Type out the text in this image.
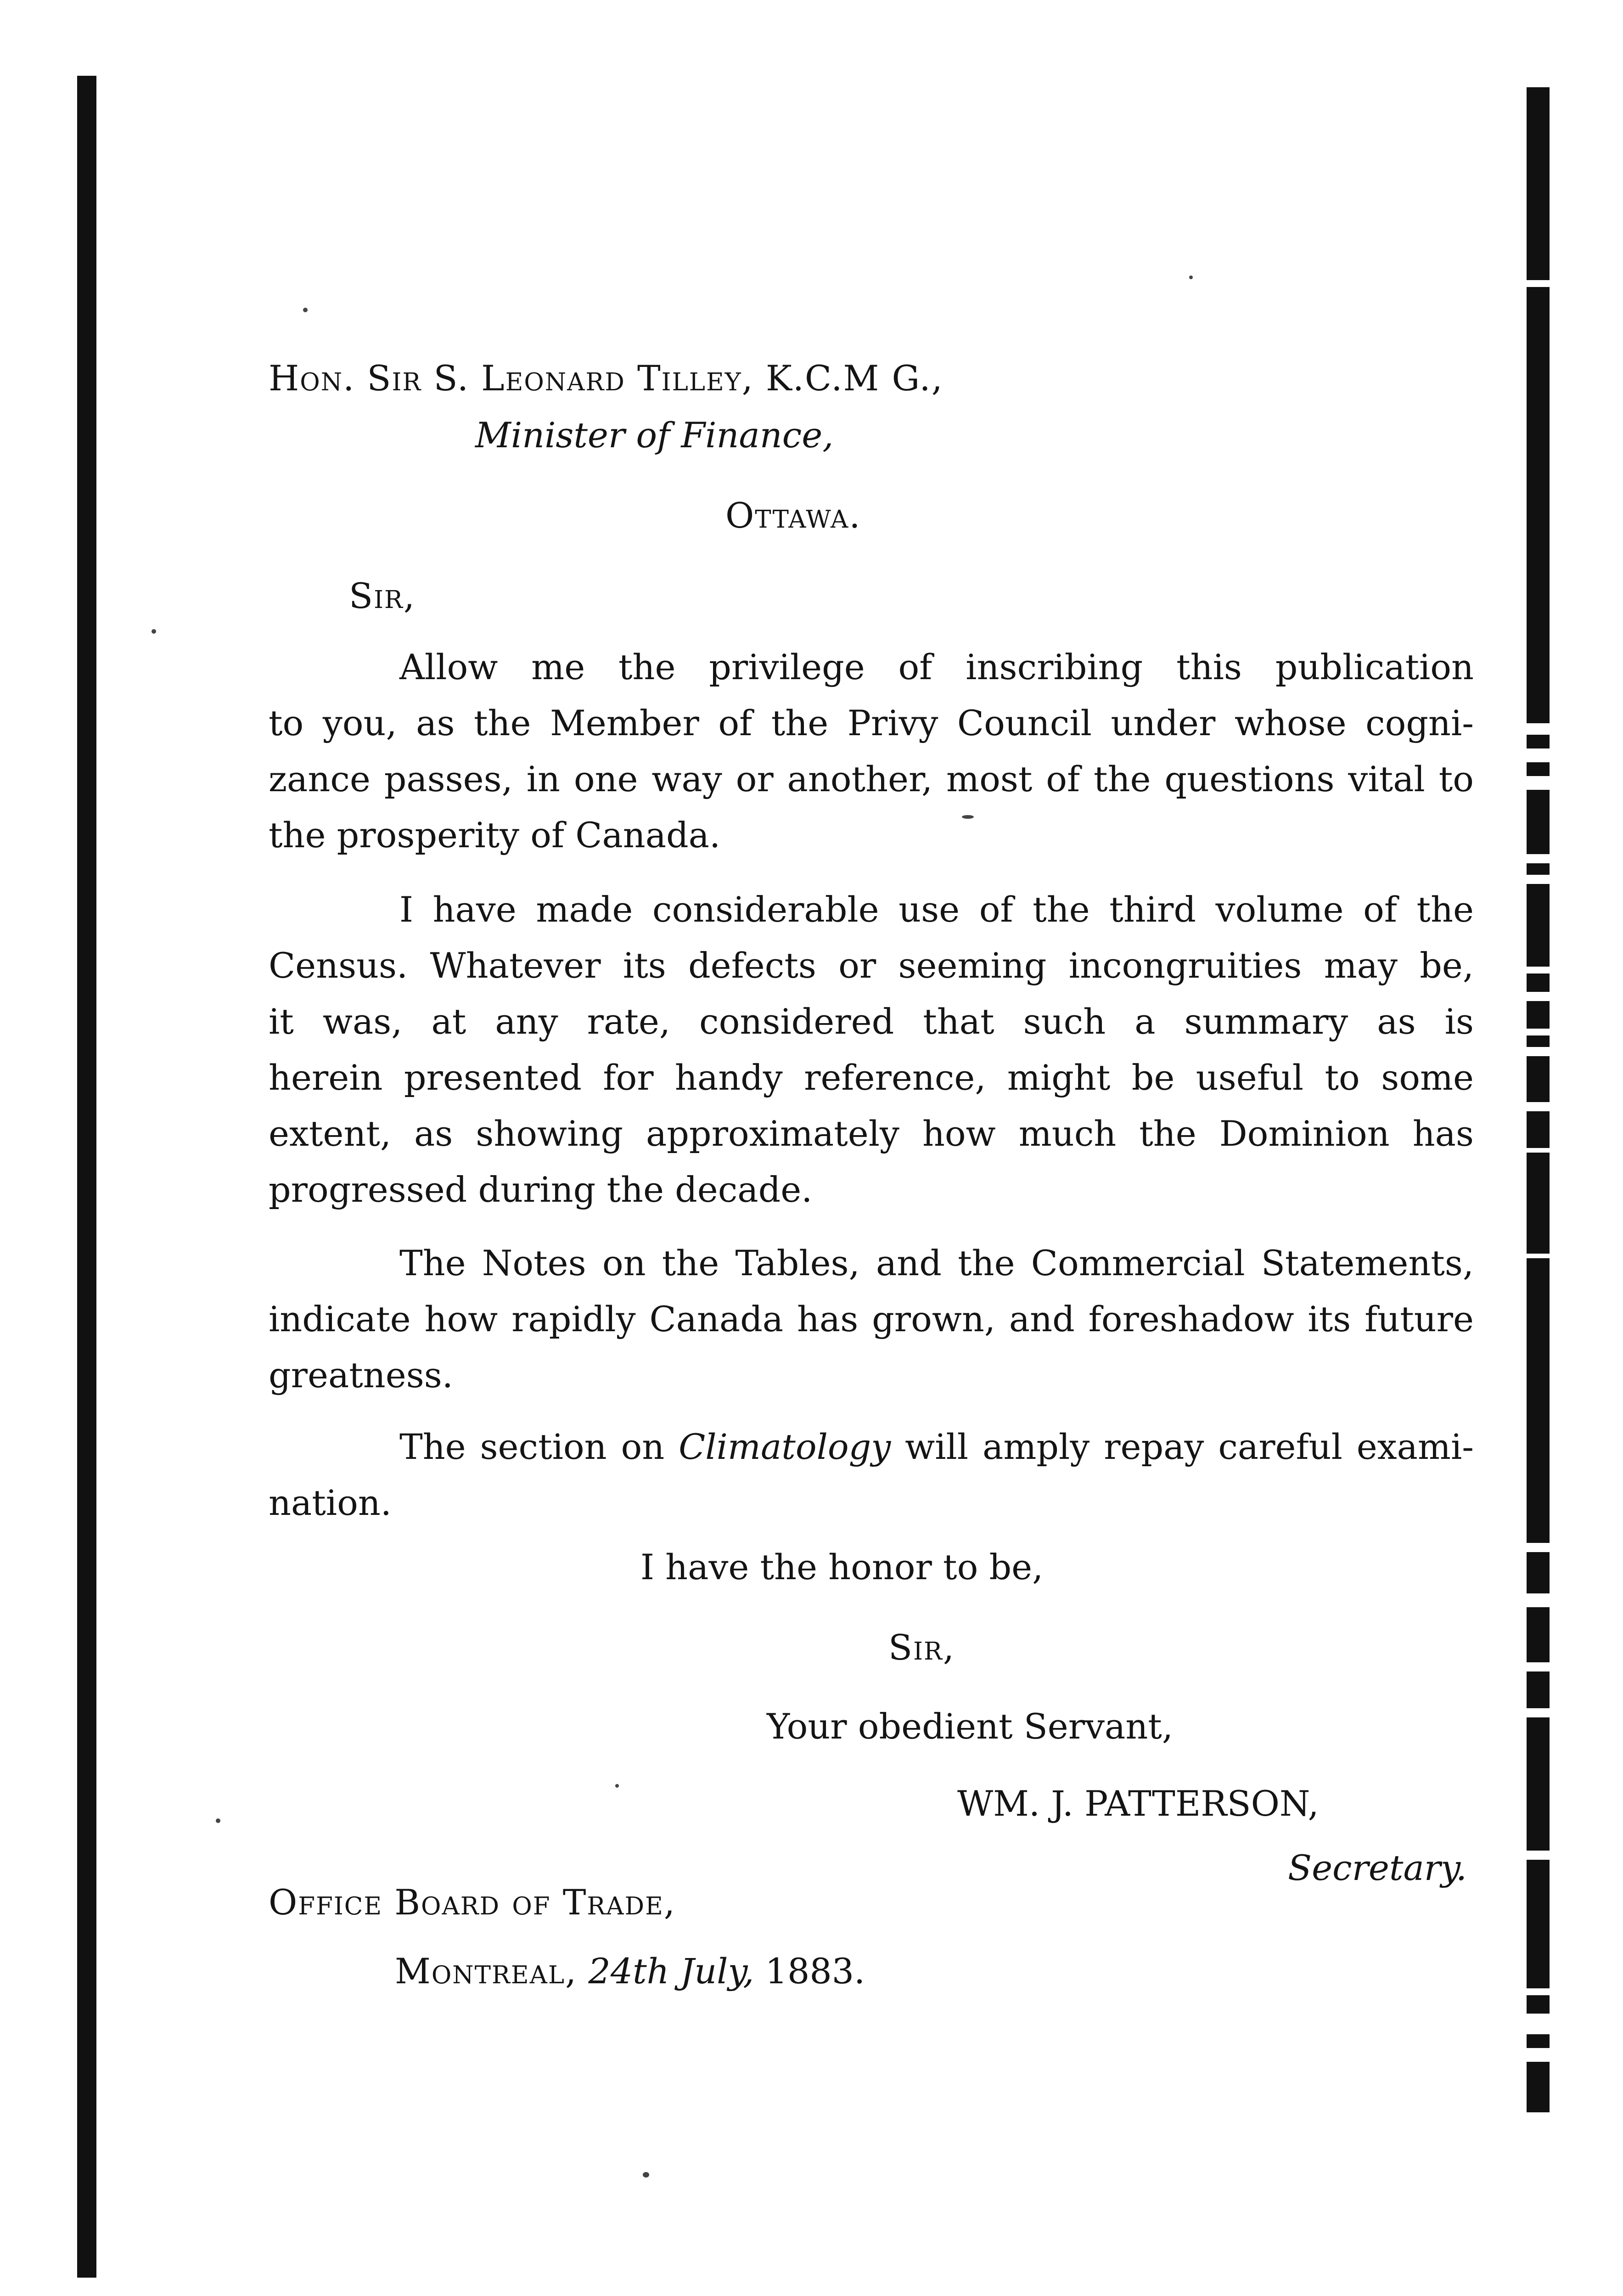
Hon. Sir S. Leonard Tilley, K.C.M G.,
Minister of Finance,
Ottawa.
Sir,
Allow me the privilege of inscribing this publication
to you, as the Member of the Privy Council under whose cogni-
zance passes, in one way or another, most of the questions vital to
the prosperity of Canada.
I have made considerable use of the third volume of the
Census. Whatever its defects or seeming incongruities may be,
it was, at any rate, considered that such a summary as is
herein presented for handy reference, might be useful to some
extent, as showing approximately how much the Dominion has
progressed during the decade.
The Notes on the Tables, and the Commercial Statements,
indicate how rapidly Canada has grown, and foreshadow its future
greatness.
The section on Climatology will amply repay careful exami-
nation.
I have the honor to be,
Sir,
Your obedient Servant,
WM. J. PATTERSON,
Secretary.
Office Board of Trade,
Montreal, 24th July, 1883.
